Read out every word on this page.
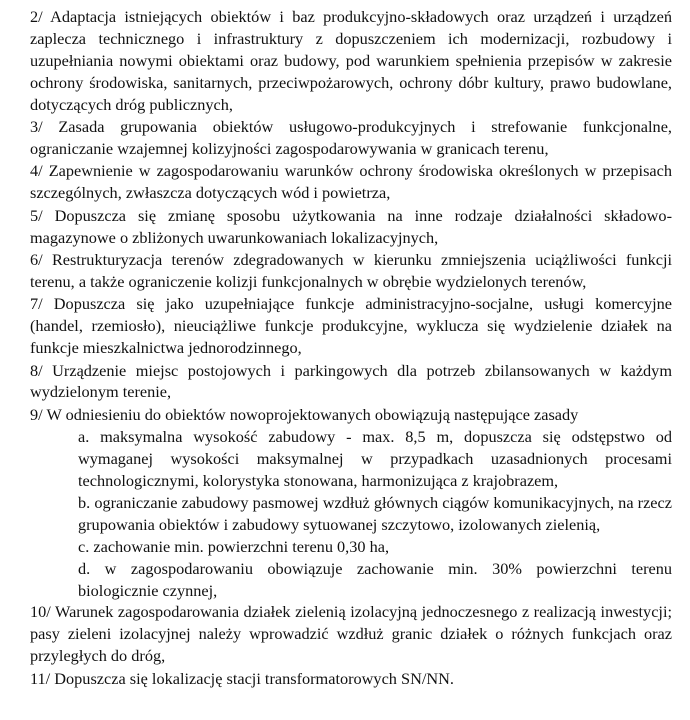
2/ Adaptacja istniejących obiektów i baz produkcyjno-składowych oraz urządzeń i urządzeń zaplecza technicznego i infrastruktury z dopuszczeniem ich modernizacji, rozbudowy i uzupełniania nowymi obiektami oraz budowy, pod warunkiem spełnienia przepisów w zakresie ochrony środowiska, sanitarnych, przeciwpożarowych, ochrony dóbr kultury, prawo budowlane, dotyczących dróg publicznych,

3/ Zasada grupowania obiektów usługowo-produkcyjnych i strefowanie funkcjonalne, ograniczanie wzajemnej kolizyjności zagospodarowywania w granicach terenu,

4/ Zapewnienie w zagospodarowaniu warunków ochrony środowiska określonych w przepisach szczególnych, zwłaszcza dotyczących wód i powietrza,

5/ Dopuszcza się zmianę sposobu użytkowania na inne rodzaje działalności składowo-magazynowe o zbliżonych uwarunkowaniach lokalizacyjnych,

6/ Restrukturyzacja terenów zdegradowanych w kierunku zmniejszenia uciążliwości funkcji terenu, a także ograniczenie kolizji funkcjonalnych w obrębie wydzielonych terenów,

7/ Dopuszcza się jako uzupełniające funkcje administracyjno-socjalne, usługi komercyjne (handel, rzemiosło), nieuciążliwe funkcje produkcyjne, wyklucza się wydzielenie działek na funkcje mieszkalnictwa jednorodzinnego,

8/ Urządzenie miejsc postojowych i parkingowych dla potrzeb zbilansowanych w każdym wydzielonym terenie,

9/ W odniesieniu do obiektów nowoprojektowanych obowiązują następujące zasady

a. maksymalna wysokość zabudowy - max. 8,5 m, dopuszcza się odstępstwo od wymaganej wysokości maksymalnej w przypadkach uzasadnionych procesami technologicznymi, kolorystyka stonowana, harmonizująca z krajobrazem,

b. ograniczanie zabudowy pasmowej wzdłuż głównych ciągów komunikacyjnych, na rzecz grupowania obiektów i zabudowy sytuowanej szczytowo, izolowanych zielenią,

c. zachowanie min. powierzchni terenu 0,30 ha,

d. w zagospodarowaniu obowiązuje zachowanie min. 30% powierzchni terenu biologicznie czynnej,

10/ Warunek zagospodarowania działek zielenią izolacyjną jednoczesnego z realizacją inwestycji; pasy zieleni izolacyjnej należy wprowadzić wzdłuż granic działek o różnych funkcjach oraz przyległych do dróg,

11/ Dopuszcza się lokalizację stacji transformatorowych SN/NN.
